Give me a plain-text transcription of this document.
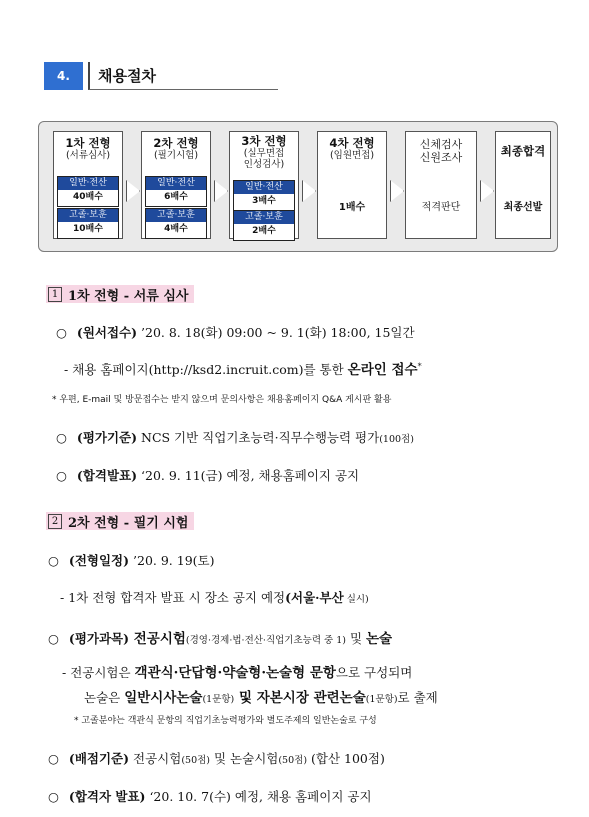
4.	채용절차
1차 전형
(서류심사)
일반·전산
40배수
고졸·보훈
10배수
2차 전형
(필기시험)
일반·전산
6배수
고졸·보훈
4배수
3차 전형
(실무면접
인성검사)
일반·전산
3배수
고졸·보훈
2배수
4차 전형
(임원면접)
1배수
신체검사
신원조사
적격판단
최종합격
최종선발
1 1차 전형 - 서류 심사
○ (원서접수) ’20. 8. 18(화) 09:00 ~ 9. 1(화) 18:00, 15일간
- 채용 홈페이지(http://ksd2.incruit.com)를 통한 온라인 접수*
* 우편, E-mail 및 방문접수는 받지 않으며 문의사항은 채용홈페이지 Q&A 게시판 활용
○ (평가기준) NCS 기반 직업기초능력·직무수행능력 평가(100점)
○ (합격발표) ‘20. 9. 11(금) 예정, 채용홈페이지 공지
2 2차 전형 - 필기 시험
○ (전형일정) ’20. 9. 19(토)
- 1차 전형 합격자 발표 시 장소 공지 예정(서울·부산 실시)
○ (평가과목) 전공시험(경영·경제·법·전산·직업기초능력 중 1) 및 논술
- 전공시험은 객관식·단답형·약술형·논술형 문항으로 구성되며
논술은 일반시사논술(1문항) 및 자본시장 관련논술(1문항)로 출제
* 고졸분야는 객관식 문항의 직업기초능력평가와 별도주제의 일반논술로 구성
○ (배점기준) 전공시험(50점) 및 논술시험(50점) (합산 100점)
○ (합격자 발표) ‘20. 10. 7(수) 예정, 채용 홈페이지 공지
